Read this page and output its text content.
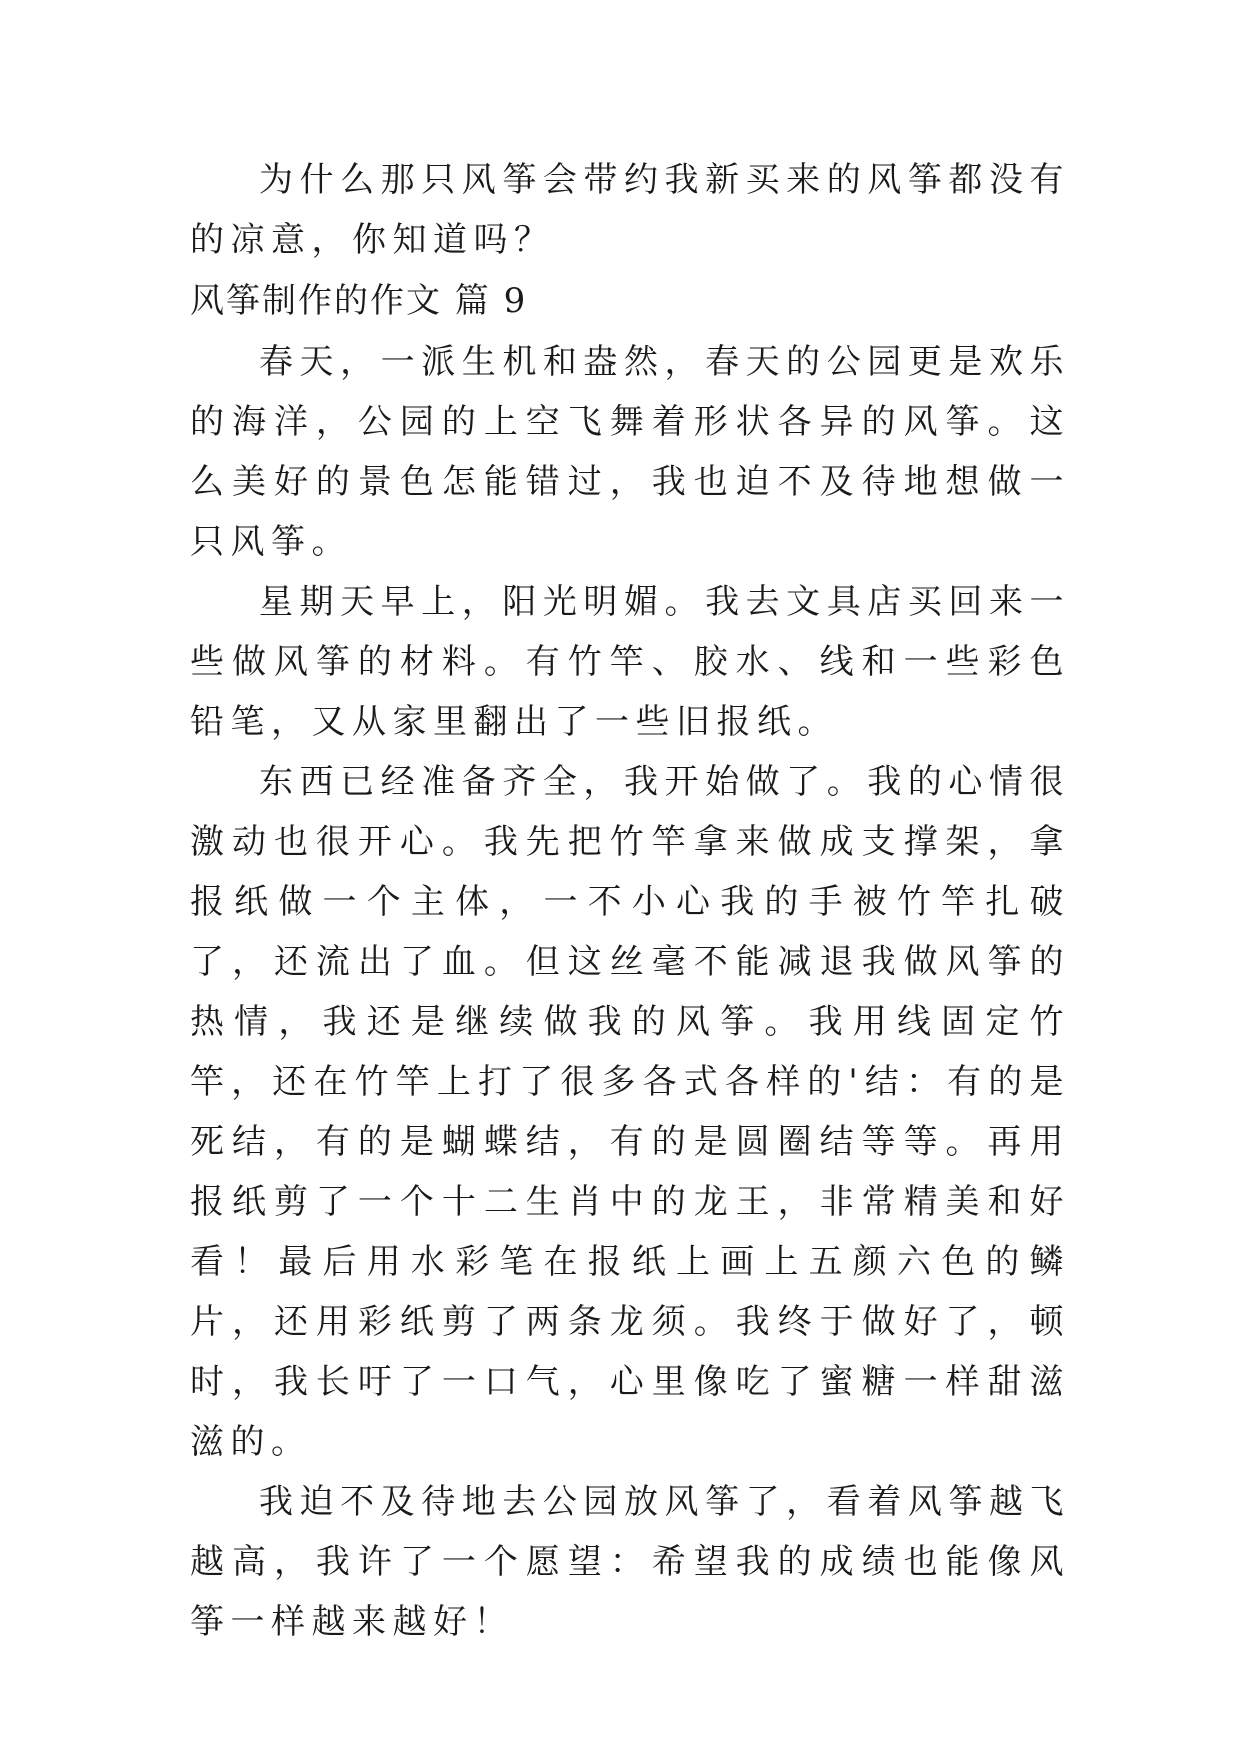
为什么那只风筝会带约我新买来的风筝都没有的凉意，你知道吗？

风筝制作的作文 篇 9

春天，一派生机和盎然，春天的公园更是欢乐的海洋，公园的上空飞舞着形状各异的风筝。这么美好的景色怎能错过，我也迫不及待地想做一只风筝。

星期天早上，阳光明媚。我去文具店买回来一些做风筝的材料。有竹竿、胶水、线和一些彩色铅笔，又从家里翻出了一些旧报纸。

东西已经准备齐全，我开始做了。我的心情很激动也很开心。我先把竹竿拿来做成支撑架，拿报纸做一个主体，一不小心我的手被竹竿扎破了，还流出了血。但这丝毫不能减退我做风筝的热情，我还是继续做我的风筝。我用线固定竹竿，还在竹竿上打了很多各式各样的'结：有的是死结，有的是蝴蝶结，有的是圆圈结等等。再用报纸剪了一个十二生肖中的龙王，非常精美和好看！最后用水彩笔在报纸上画上五颜六色的鳞片，还用彩纸剪了两条龙须。我终于做好了，顿时，我长吁了一口气，心里像吃了蜜糖一样甜滋滋的。

我迫不及待地去公园放风筝了，看着风筝越飞越高，我许了一个愿望：希望我的成绩也能像风筝一样越来越好！
